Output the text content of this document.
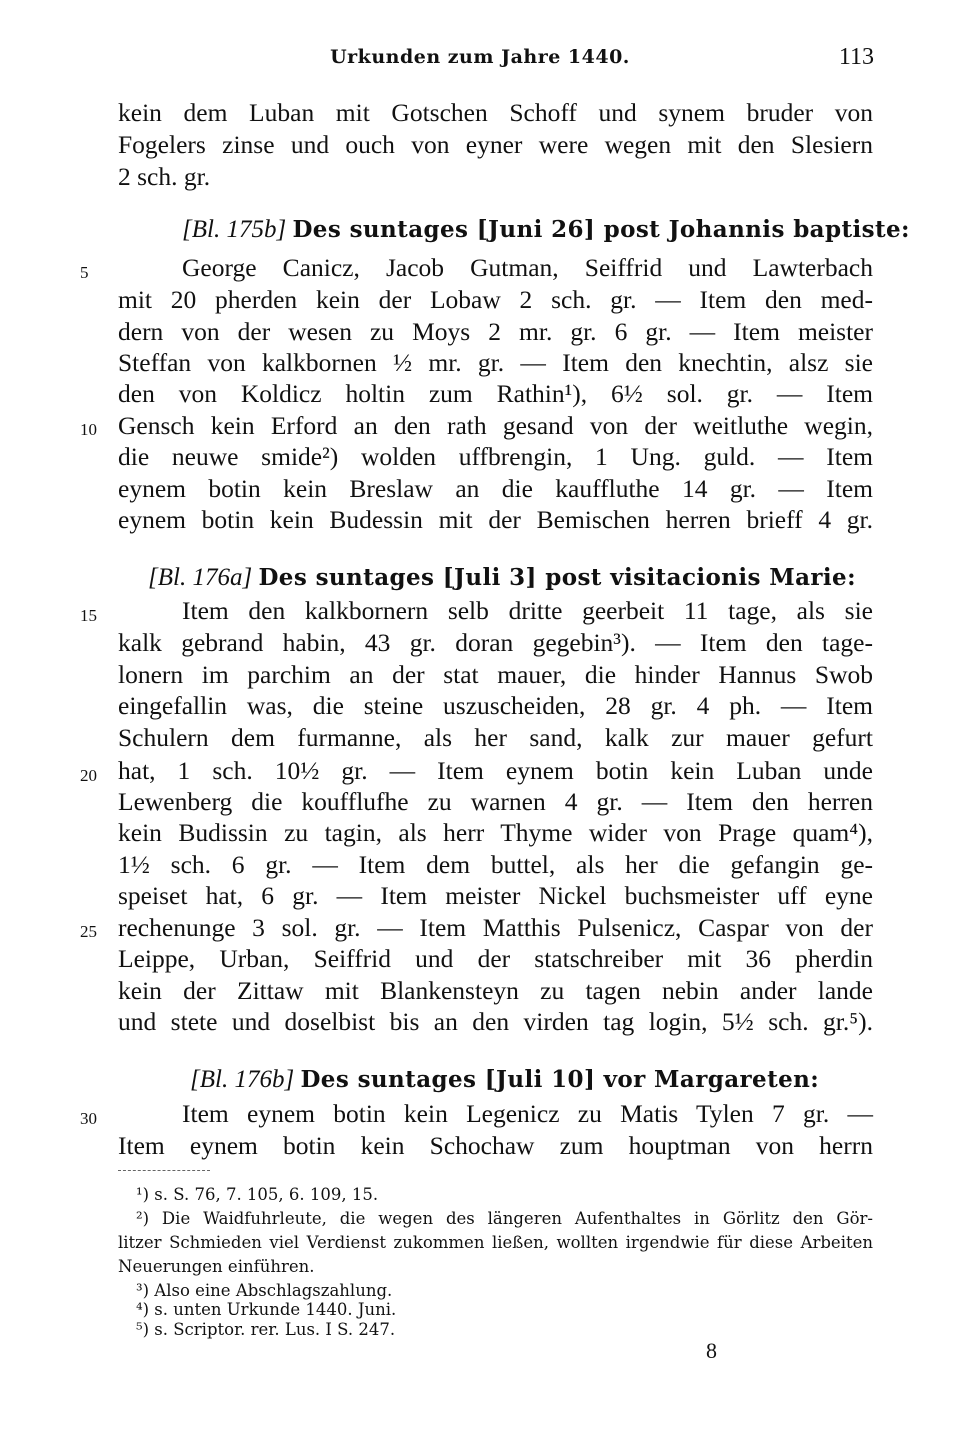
Urkunden zum Jahre 1440.	113
kein dem Luban mit Gotschen Schoff und synem bruder von
Fogelers zinse und ouch von eyner were wegen mit den Slesiern
2 sch. gr.
[Bl. 175b] Des suntages [Juni 26] post Johannis baptiste:
George Canicz, Jacob Gutman, Seiffrid und Lawterbach
mit 20 pherden kein der Lobaw 2 sch. gr. — Item den med-
dern von der wesen zu Moys 2 mr. gr. 6 gr. — Item meister
Steffan von kalkbornen ½ mr. gr. — Item den knechtin, alsz sie
den von Koldicz holtin zum Rathin¹), 6½ sol. gr. — Item
Gensch kein Erford an den rath gesand von der weitluthe wegin,
die neuwe smide²) wolden uffbrengin, 1 Ung. guld. — Item
eynem botin kein Breslaw an die kauffluthe 14 gr. — Item
eynem botin kein Budessin mit der Bemischen herren brieff 4 gr.
[Bl. 176a] Des suntages [Juli 3] post visitacionis Marie:
Item den kalkbornern selb dritte geerbeit 11 tage, als sie
kalk gebrand habin, 43 gr. doran gegebin³). — Item den tage-
lonern im parchim an der stat mauer, die hinder Hannus Swob
eingefallin was, die steine uszuscheiden, 28 gr. 4 ph. — Item
Schulern dem furmanne, als her sand, kalk zur mauer gefurt
hat, 1 sch. 10½ gr. — Item eynem botin kein Luban unde
Lewenberg die koufflufhe zu warnen 4 gr. — Item den herren
kein Budissin zu tagin, als herr Thyme wider von Prage quam⁴),
1½ sch. 6 gr. — Item dem buttel, als her die gefangin ge-
speiset hat, 6 gr. — Item meister Nickel buchsmeister uff eyne
rechenunge 3 sol. gr. — Item Matthis Pulsenicz, Caspar von der
Leippe, Urban, Seiffrid und der statschreiber mit 36 pherdin
kein der Zittaw mit Blankensteyn zu tagen nebin ander lande
und stete und doselbist bis an den virden tag login, 5½ sch. gr.⁵).
[Bl. 176b] Des suntages [Juli 10] vor Margareten:
Item eynem botin kein Legenicz zu Matis Tylen 7 gr. —
Item eynem botin kein Schochaw zum houptman von herrn
5
10
15
20
25
30
¹) s. S. 76, 7. 105, 6. 109, 15.
²) Die Waidfuhrleute, die wegen des längeren Aufenthaltes in Görlitz den Gör-
litzer Schmieden viel Verdienst zukommen ließen, wollten irgendwie für diese Arbeiten
Neuerungen einführen.
³) Also eine Abschlagszahlung.
⁴) s. unten Urkunde 1440. Juni.
⁵) s. Scriptor. rer. Lus. I S. 247.
8
